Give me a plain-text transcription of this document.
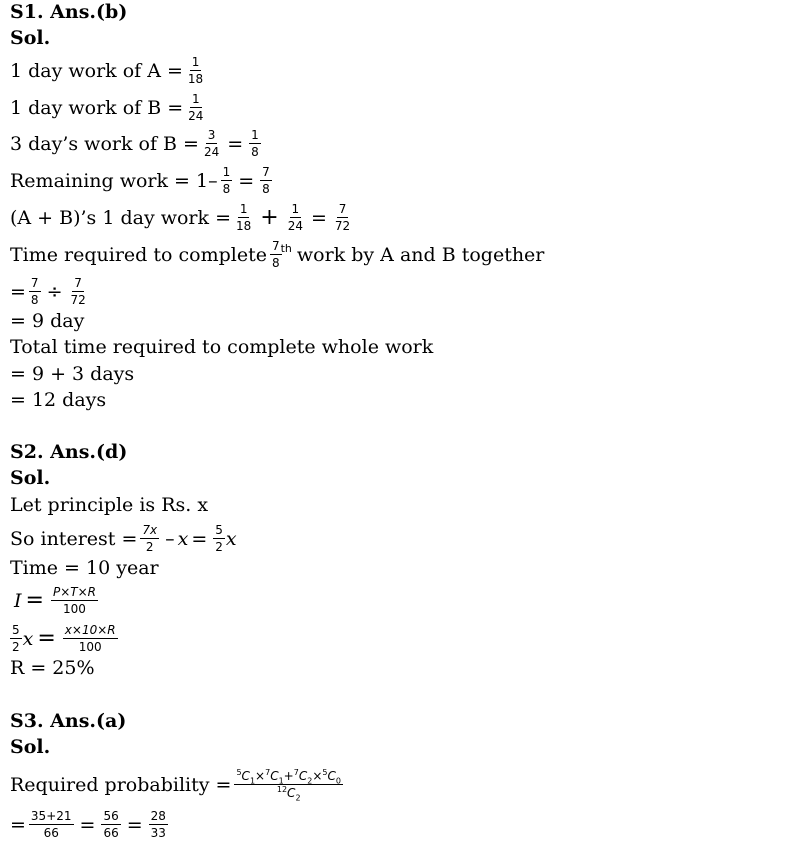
S1. Ans.(b)
Sol.
1 day work of $A = \frac{1}{18}$
1 day work of $B = \frac{1}{24}$
3 day’s work of $B = \frac{3}{24} = \frac{1}{8}$
Remaining work = $1- \frac{1}{8} = \frac{7}{8}$
(A + B)’s 1 day work = $\frac{1}{18} + \frac{1}{24} = \frac{7}{72}$
Time required to complete $\frac{7}{8}$ th work by A and B together
= $\frac{7}{8} \div \frac{7}{72}$
= 9 day
Total time required to complete whole work
= 9 + 3 days
= 12 days
S2. Ans.(d)
Sol.
Let principle is Rs. x
So interest = $\frac{7x}{2} - x = \frac{5}{2}$ x
Time = 10 year
$I = \frac{P\times T\times R}{100}$
$\frac{5}{2}$ $x = \frac{x\times 10\times R}{100}$
R = 25%
S3. Ans.(a)
Sol.
Required probability = $\frac{^5C_1\times^7C_1+^7C_2\times^5C_0}{^{12}C_2}$
= $\frac{35+21}{66} = \frac{56}{66} = \frac{28}{33}$
